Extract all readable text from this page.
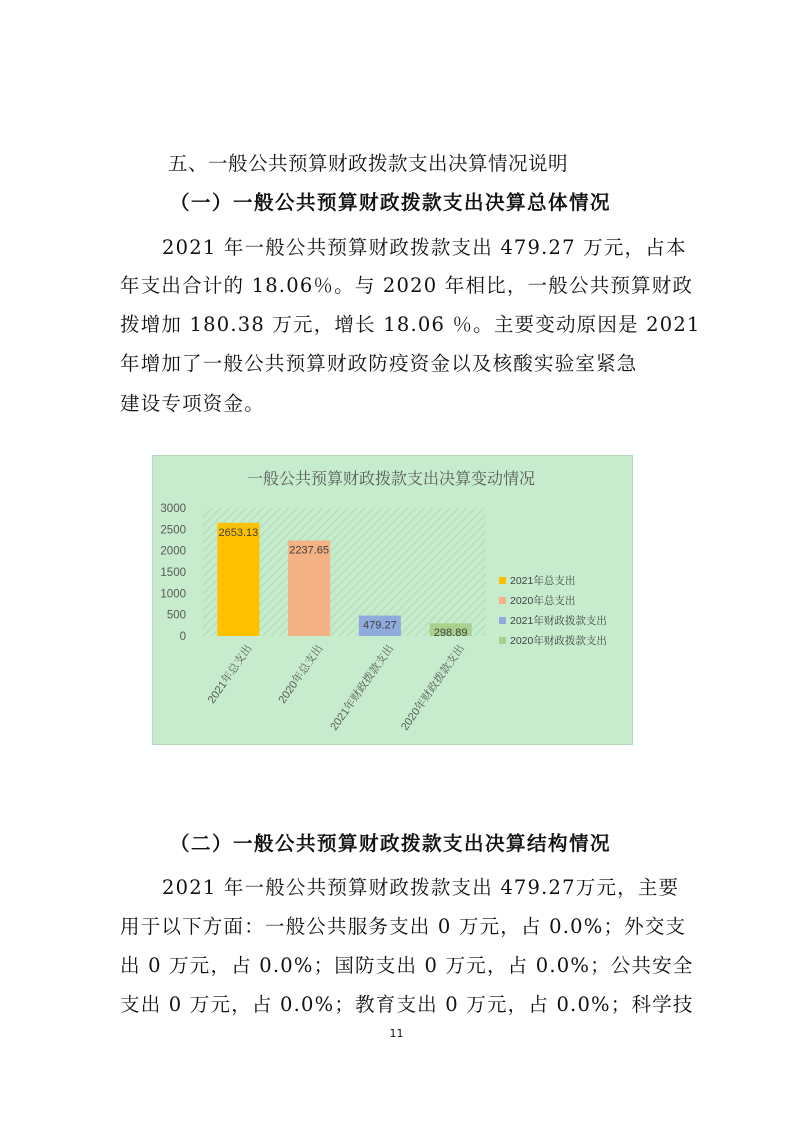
五、一般公共预算财政拨款支出决算情况说明
（一）一般公共预算财政拨款支出决算总体情况
2021 年一般公共预算财政拨款支出 479.27 万元，占本
年支出合计的 18.06％。与 2020 年相比，一般公共预算财政
拨增加 180.38 万元，增长 18.06 ％。主要变动原因是 2021
年增加了一般公共预算财政防疫资金以及核酸实验室紧急
建设专项资金。
一般公共预算财政拨款支出决算变动情况
0
500
1000
1500
2000
2500
3000
2653.13
2237.65
479.27
298.89
2021年总支出 2020年总支出 2021年财政拨款支出 2020年财政拨款支出
2021年总支出
2020年总支出
2021年财政拨款支出
2020年财政拨款支出
（二）一般公共预算财政拨款支出决算结构情况
2021 年一般公共预算财政拨款支出 479.27万元，主要
用于以下方面：一般公共服务支出 0 万元，占 0.0%；外交支
出 0 万元，占 0.0%；国防支出 0 万元，占 0.0%；公共安全
支出 0 万元，占 0.0%；教育支出 0 万元，占 0.0%；科学技
11
